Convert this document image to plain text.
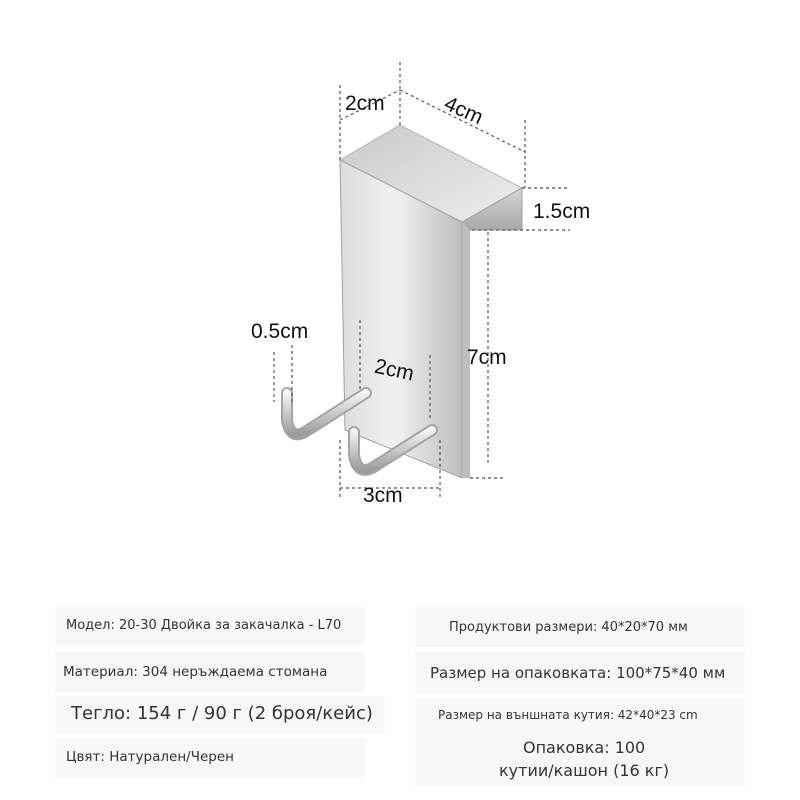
2cm	4cm
1.5cm
7cm
0.5cm
2cm
3cm
Модел: 20-30 Двойка за закачалка - L70	Продуктови размери: 40*20*70 мм
Материал: 304 неръждаема стомана	Размер на опаковката: 100*75*40 мм
Тегло: 154 г / 90 г (2 броя/кейс)	Размер на външната кутия: 42*40*23 cm
Цвят: Натурален/Черен	Опаковка: 100
кутии/кашон (16 кг)
